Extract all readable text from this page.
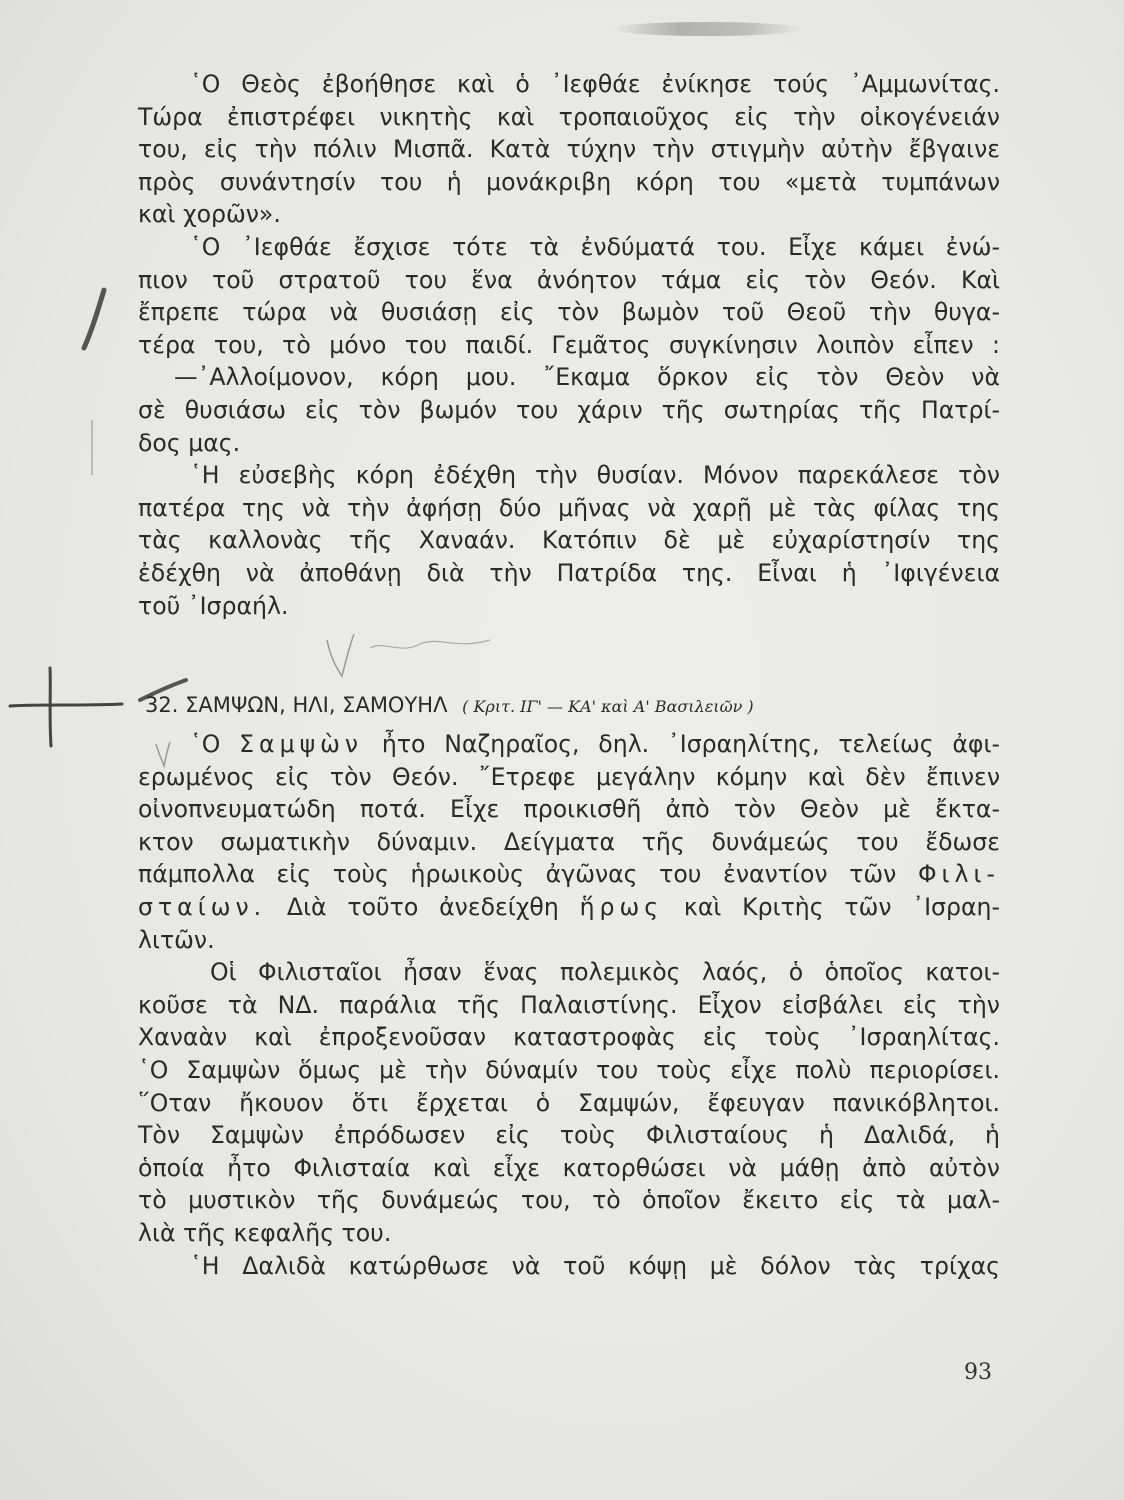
῾Ο Θεὸς ἐβοήθησε καὶ ὁ ᾿Ιεφθάε ἐνίκησε τούς ᾿Αμμωνίτας.
Τώρα ἐπιστρέφει νικητὴς καὶ τροπαιοῦχος εἰς τὴν οἰκογένειάν
του, εἰς τὴν πόλιν Μισπᾶ. Κατὰ τύχην τὴν στιγμὴν αὐτὴν ἔβγαινε
πρὸς συνάντησίν του ἡ μονάκριβη κόρη του «μετὰ τυμπάνων
καὶ χορῶν».
῾Ο ᾿Ιεφθάε ἔσχισε τότε τὰ ἐνδύματά του. Εἶχε κάμει ἐνώ-
πιον τοῦ στρατοῦ του ἕνα ἀνόητον τάμα εἰς τὸν Θεόν. Καὶ
ἔπρεπε τώρα νὰ θυσιάσῃ εἰς τὸν βωμὸν τοῦ Θεοῦ τὴν θυγα-
τέρα του, τὸ μόνο του παιδί. Γεμᾶτος συγκίνησιν λοιπὸν εἶπεν :
—᾿Αλλοίμονον, κόρη μου. ῎Εκαμα ὅρκον εἰς τὸν Θεὸν νὰ
σὲ θυσιάσω εἰς τὸν βωμόν του χάριν τῆς σωτηρίας τῆς Πατρί-
δος μας.
῾Η εὐσεβὴς κόρη ἐδέχθη τὴν θυσίαν. Μόνον παρεκάλεσε τὸν
πατέρα της νὰ τὴν ἀφήσῃ δύο μῆνας νὰ χαρῇ μὲ τὰς φίλας της
τὰς καλλονὰς τῆς Χαναάν. Κατόπιν δὲ μὲ εὐχαρίστησίν της
ἐδέχθη νὰ ἀποθάνῃ διὰ τὴν Πατρίδα της. Εἶναι ἡ ᾿Ιφιγένεια
τοῦ ᾿Ισραήλ.
32. ΣΑΜΨΩΝ, ΗΛΙ, ΣΑΜΟΥΗΛ ( Κριτ. ΙΓ' — ΚΑ' καὶ Α' Βασιλειῶν )
῾Ο Σαμψὼν ἦτο Ναζηραῖος, δηλ. ᾿Ισραηλίτης, τελείως ἀφι-
ερωμένος εἰς τὸν Θεόν. ῎Ετρεφε μεγάλην κόμην καὶ δὲν ἔπινεν
οἰνοπνευματώδη ποτά. Εἶχε προικισθῆ ἀπὸ τὸν Θεὸν μὲ ἔκτα-
κτον σωματικὴν δύναμιν. Δείγματα τῆς δυνάμεώς του ἔδωσε
πάμπολλα εἰς τοὺς ἡρωικοὺς ἀγῶνας του ἐναντίον τῶν Φιλι-
σταίων. Διὰ τοῦτο ἀνεδείχθη ἥρως καὶ Κριτὴς τῶν ᾿Ισραη-
λιτῶν.
Οἱ Φιλισταῖοι ἦσαν ἕνας πολεμικὸς λαός, ὁ ὁποῖος κατοι-
κοῦσε τὰ ΝΔ. παράλια τῆς Παλαιστίνης. Εἶχον εἰσβάλει εἰς τὴν
Χαναὰν καὶ ἐπροξενοῦσαν καταστροφὰς εἰς τοὺς ᾿Ισραηλίτας.
῾Ο Σαμψὼν ὅμως μὲ τὴν δύναμίν του τοὺς εἶχε πολὺ περιορίσει.
῞Οταν ἤκουον ὅτι ἔρχεται ὁ Σαμψών, ἔφευγαν πανικόβλητοι.
Τὸν Σαμψὼν ἐπρόδωσεν εἰς τοὺς Φιλισταίους ἡ Δαλιδά, ἡ
ὁποία ἦτο Φιλισταία καὶ εἶχε κατορθώσει νὰ μάθῃ ἀπὸ αὐτὸν
τὸ μυστικὸν τῆς δυνάμεώς του, τὸ ὁποῖον ἔκειτο εἰς τὰ μαλ-
λιὰ τῆς κεφαλῆς του.
῾Η Δαλιδὰ κατώρθωσε νὰ τοῦ κόψῃ μὲ δόλον τὰς τρίχας
93
